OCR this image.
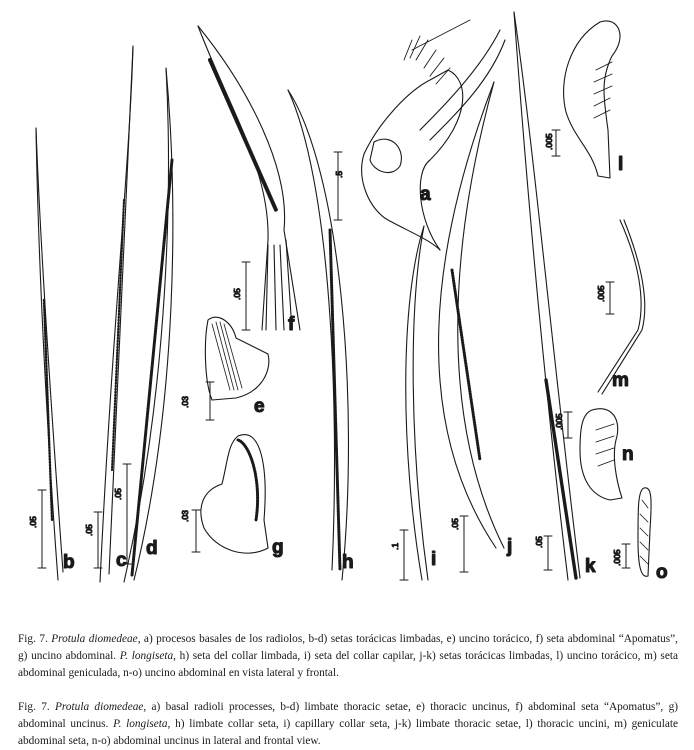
.05
.05
.05
.05
.03
.03
.5
.1
.05
.05
.005
.005
.005
.005
b c
d
e
f
g
h
a
i
j
k
l
m
n
o

Fig. 7. Protula diomedeae, a) procesos basales de los radiolos, b-d) setas torácicas limbadas, e) uncino torácico, f) seta abdominal “Apomatus”, g) uncino abdominal. P. longiseta, h) seta del collar limbada, i) seta del collar capilar, j-k) setas torácicas limbadas, l) uncino torácico, m) seta abdominal geniculada, n-o) uncino abdominal en vista lateral y frontal.

Fig. 7. Protula diomedeae, a) basal radioli processes, b-d) limbate thoracic setae, e) thoracic uncinus, f) abdominal seta “Apomatus”, g) abdominal uncinus. P. longiseta, h) limbate collar seta, i) capillary collar seta, j-k) limbate thoracic setae, l) thoracic uncini, m) geniculate abdominal seta, n-o) abdominal uncinus in lateral and frontal view.
